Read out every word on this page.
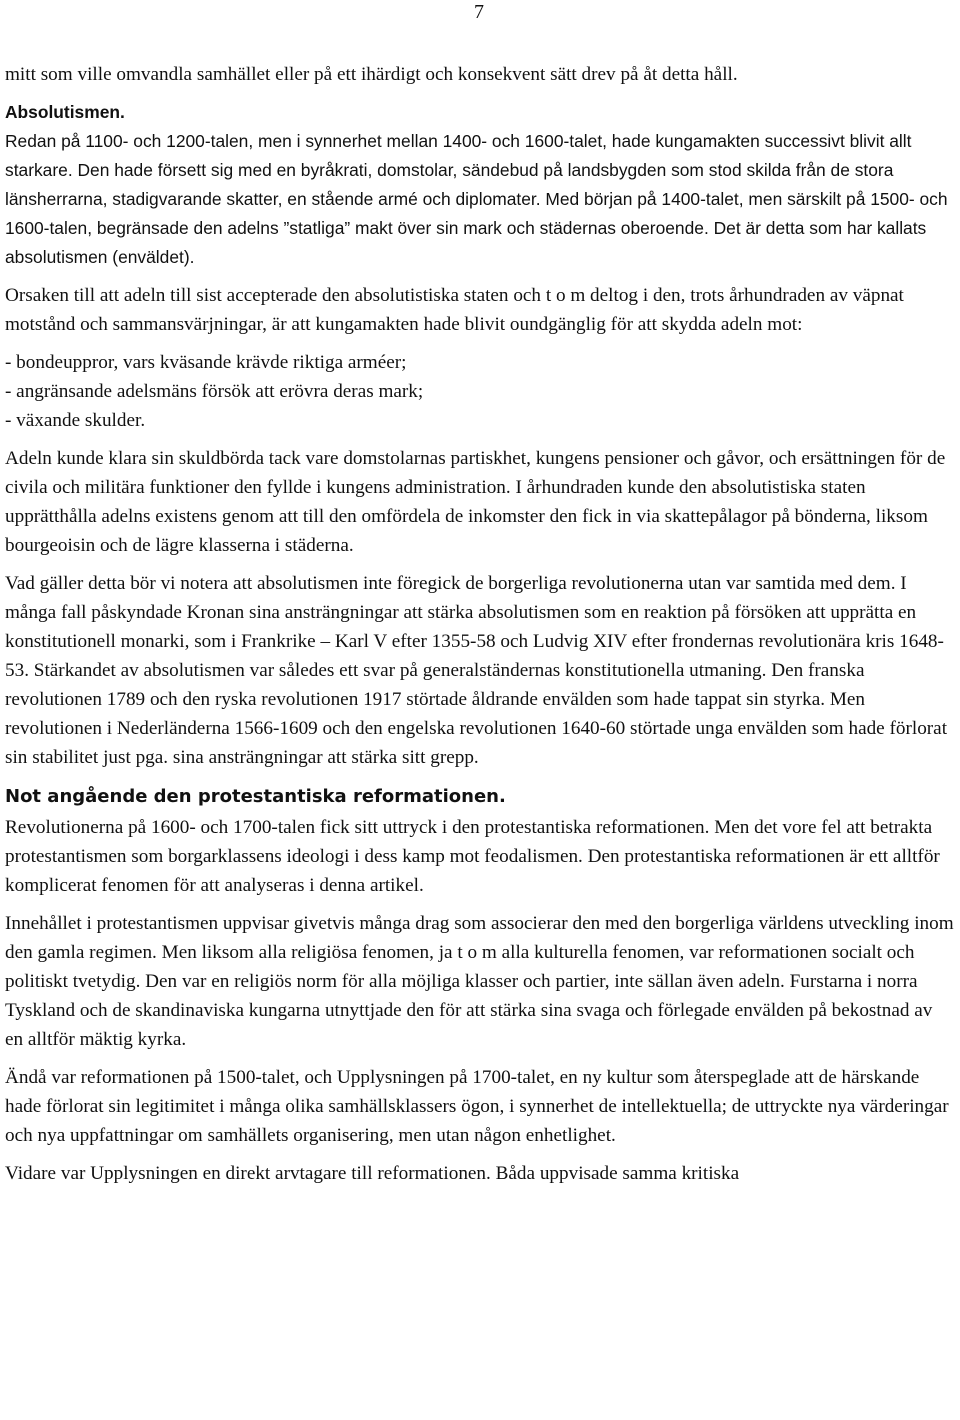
7

mitt som ville omvandla samhället eller på ett ihärdigt och konsekvent sätt drev på åt detta håll.

Absolutismen.
Redan på 1100- och 1200-talen, men i synnerhet mellan 1400- och 1600-talet, hade kungamakten successivt blivit allt starkare. Den hade försett sig med en byråkrati, domstolar, sändebud på landsbygden som stod skilda från de stora länsherrarna, stadigvarande skatter, en stående armé och diplomater. Med början på 1400-talet, men särskilt på 1500- och 1600-talen, begränsade den adelns ”statliga” makt över sin mark och städernas oberoende. Det är detta som har kallats absolutismen (enväldet).

Orsaken till att adeln till sist accepterade den absolutistiska staten och t o m deltog i den, trots århundraden av väpnat motstånd och sammansvärjningar, är att kungamakten hade blivit oundgänglig för att skydda adeln mot:

- bondeuppror, vars kväsande krävde riktiga arméer;
- angränsande adelsmäns försök att erövra deras mark;
- växande skulder.

Adeln kunde klara sin skuldbörda tack vare domstolarnas partiskhet, kungens pensioner och gåvor, och ersättningen för de civila och militära funktioner den fyllde i kungens administration. I århundraden kunde den absolutistiska staten upprätthålla adelns existens genom att till den omfördela de inkomster den fick in via skattepålagor på bönderna, liksom bourgeoisin och de lägre klasserna i städerna.

Vad gäller detta bör vi notera att absolutismen inte föregick de borgerliga revolutionerna utan var samtida med dem. I många fall påskyndade Kronan sina ansträngningar att stärka absolutismen som en reaktion på försöken att upprätta en konstitutionell monarki, som i Frankrike – Karl V efter 1355-58 och Ludvig XIV efter frondernas revolutionära kris 1648-53. Stärkandet av absolutismen var således ett svar på generalständernas konstitutionella utmaning. Den franska revolutionen 1789 och den ryska revolutionen 1917 störtade åldrande envälden som hade tappat sin styrka. Men revolutionen i Nederländerna 1566-1609 och den engelska revolutionen 1640-60 störtade unga envälden som hade förlorat sin stabilitet just pga. sina ansträngningar att stärka sitt grepp.

Not angående den protestantiska reformationen.

Revolutionerna på 1600- och 1700-talen fick sitt uttryck i den protestantiska reformationen. Men det vore fel att betrakta protestantismen som borgarklassens ideologi i dess kamp mot feodalismen. Den protestantiska reformationen är ett alltför komplicerat fenomen för att analyseras i denna artikel.

Innehållet i protestantismen uppvisar givetvis många drag som associerar den med den borgerliga världens utveckling inom den gamla regimen. Men liksom alla religiösa fenomen, ja t o m alla kulturella fenomen, var reformationen socialt och politiskt tvetydig. Den var en religiös norm för alla möjliga klasser och partier, inte sällan även adeln. Furstarna i norra Tyskland och de skandinaviska kungarna utnyttjade den för att stärka sina svaga och förlegade envälden på bekostnad av en alltför mäktig kyrka.

Ändå var reformationen på 1500-talet, och Upplysningen på 1700-talet, en ny kultur som återspeglade att de härskande hade förlorat sin legitimitet i många olika samhällsklassers ögon, i synnerhet de intellektuella; de uttryckte nya värderingar och nya uppfattningar om samhällets organisering, men utan någon enhetlighet.

Vidare var Upplysningen en direkt arvtagare till reformationen. Båda uppvisade samma kritiska
